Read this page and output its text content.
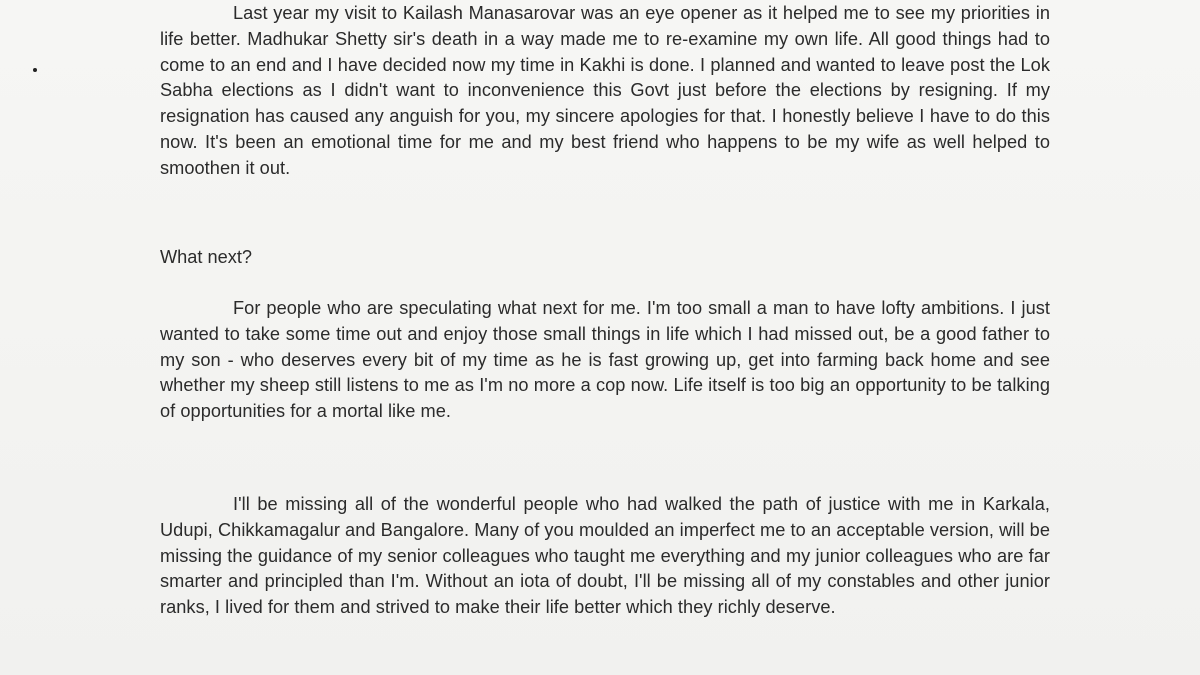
Last year my visit to Kailash Manasarovar was an eye opener as it helped me to see my priorities in life better. Madhukar Shetty sir's death in a way made me to re-examine my own life. All good things had to come to an end and I have decided now my time in Kakhi is done. I planned and wanted to leave post the Lok Sabha elections as I didn't want to inconvenience this Govt just before the elections by resigning. If my resignation has caused any anguish for you, my sincere apologies for that. I honestly believe I have to do this now. It's been an emotional time for me and my best friend who happens to be my wife as well helped to smoothen it out.

What next?

For people who are speculating what next for me. I'm too small a man to have lofty ambitions. I just wanted to take some time out and enjoy those small things in life which I had missed out, be a good father to my son - who deserves every bit of my time as he is fast growing up, get into farming back home and see whether my sheep still listens to me as I'm no more a cop now. Life itself is too big an opportunity to be talking of opportunities for a mortal like me.

I'll be missing all of the wonderful people who had walked the path of justice with me in Karkala, Udupi, Chikkamagalur and Bangalore. Many of you moulded an imperfect me to an acceptable version, will be missing the guidance of my senior colleagues who taught me everything and my junior colleagues who are far smarter and principled than I'm. Without an iota of doubt, I'll be missing all of my constables and other junior ranks, I lived for them and strived to make their life better which they richly deserve.
